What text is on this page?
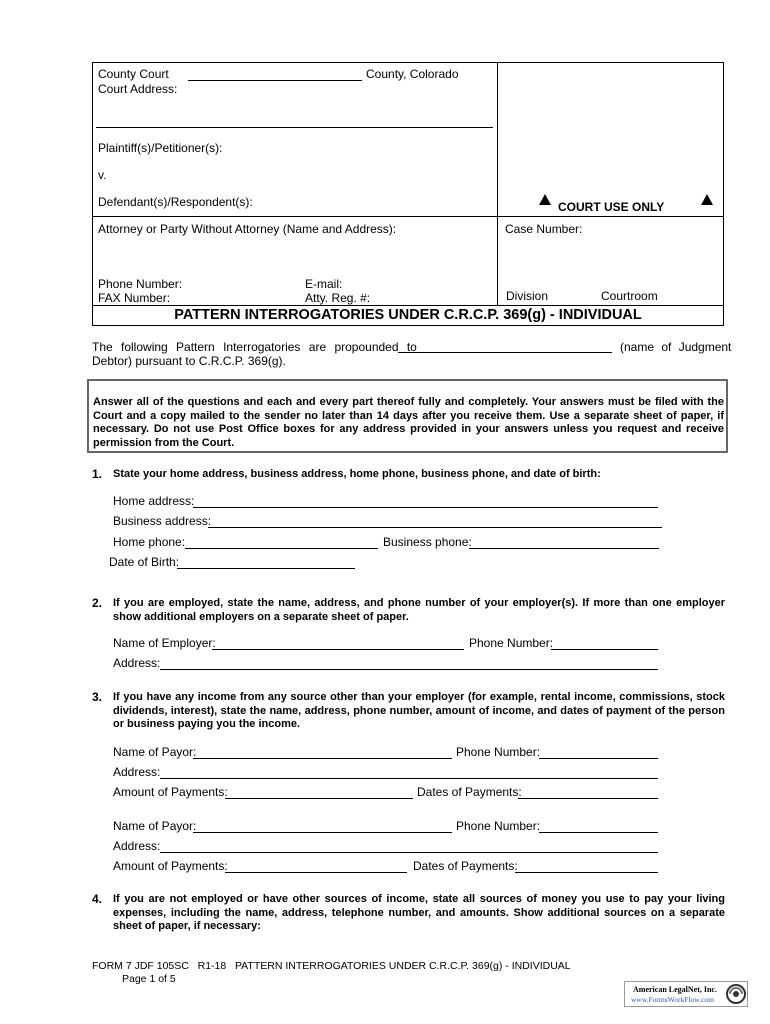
County Court	County, Colorado
Court Address:
Plaintiff(s)/Petitioner(s):
v.
Defendant(s)/Respondent(s):	COURT USE ONLY
Attorney or Party Without Attorney (Name and Address):	Case Number:
Phone Number:	E-mail:
FAX Number:	Atty. Reg. #:	Division	Courtroom
PATTERN INTERROGATORIES UNDER C.R.C.P. 369(g) - INDIVIDUAL
The following Pattern Interrogatories are propounded to	(name of Judgment
Debtor) pursuant to C.R.C.P. 369(g).
Answer all of the questions and each and every part thereof fully and completely. Your answers must be filed with the Court and a copy mailed to the sender no later than 14 days after you receive them. Use a separate sheet of paper, if necessary. Do not use Post Office boxes for any address provided in your answers unless you request and receive permission from the Court.
1. State your home address, business address, home phone, business phone, and date of birth:
Home address:
Business address:
Home phone:	Business phone:
Date of Birth:
2. If you are employed, state the name, address, and phone number of your employer(s). If more than one employer show additional employers on a separate sheet of paper.
Name of Employer:	Phone Number:
Address:
3. If you have any income from any source other than your employer (for example, rental income, commissions, stock dividends, interest), state the name, address, phone number, amount of income, and dates of payment of the person or business paying you the income.
Name of Payor:	Phone Number:
Address:
Amount of Payments:	Dates of Payments:
Name of Payor:	Phone Number:
Address:
Amount of Payments:	Dates of Payments:
4. If you are not employed or have other sources of income, state all sources of money you use to pay your living expenses, including the name, address, telephone number, and amounts. Show additional sources on a separate sheet of paper, if necessary:
FORM 7 JDF 105SC   R1-18   PATTERN INTERROGATORIES UNDER C.R.C.P. 369(g) - INDIVIDUAL
Page 1 of 5
American LegalNet, Inc.
www.FormsWorkFlow.com
